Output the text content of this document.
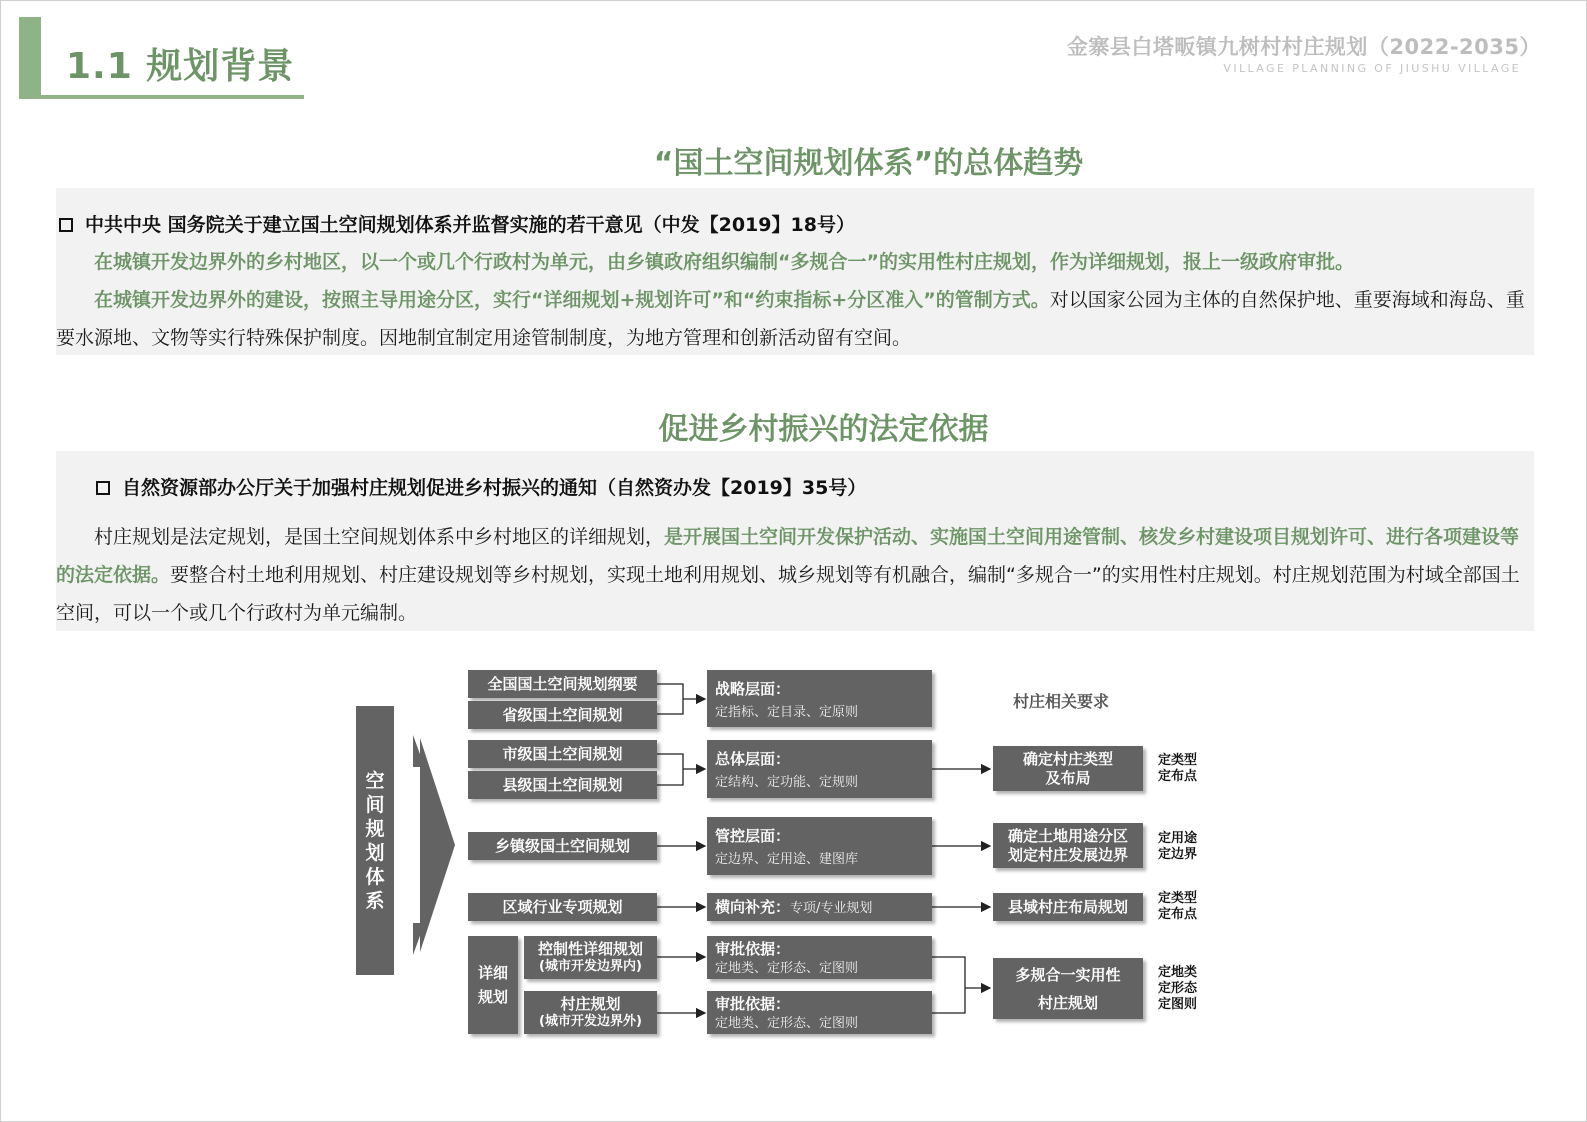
1.1 规划背景	金寨县白塔畈镇九树村村庄规划（2022-2035）
VILLAGE PLANNING OF JIUSHU VILLAGE
“国土空间规划体系”的总体趋势
中共中央 国务院关于建立国土空间规划体系并监督实施的若干意见（中发【2019】18号）
在城镇开发边界外的乡村地区，以一个或几个行政村为单元，由乡镇政府组织编制“多规合一”的实用性村庄规划，作为详细规划，报上一级政府审批。
在城镇开发边界外的建设，按照主导用途分区，实行“详细规划+规划许可”和“约束指标+分区准入”的管制方式。对以国家公园为主体的自然保护地、重要海域和海岛、重要水源地、文物等实行特殊保护制度。因地制宜制定用途管制制度，为地方管理和创新活动留有空间。
促进乡村振兴的法定依据
自然资源部办公厅关于加强村庄规划促进乡村振兴的通知（自然资办发【2019】35号）
村庄规划是法定规划，是国土空间规划体系中乡村地区的详细规划，是开展国土空间开发保护活动、实施国土空间用途管制、核发乡村建设项目规划许可、进行各项建设等的法定依据。要整合村土地利用规划、村庄建设规划等乡村规划，实现土地利用规划、城乡规划等有机融合，编制“多规合一”的实用性村庄规划。村庄规划范围为村域全部国土空间，可以一个或几个行政村为单元编制。
空
间
规
划
体
系
全国国土空间规划纲要
省级国土空间规划
市级国土空间规划
县级国土空间规划
乡镇级国土空间规划
区域行业专项规划
详细规划
控制性详细规划
(城市开发边界内)
村庄规划
(城市开发边界外)
战略层面：
定指标、定目录、定原则
总体层面：
定结构、定功能、定规则
管控层面：
定边界、定用途、建图库
横向补充：专项/专业规划
审批依据：
定地类、定形态、定图则
审批依据：
定地类、定形态、定图则
村庄相关要求
确定村庄类型
及布局
确定土地用途分区
划定村庄发展边界
县域村庄布局规划
多规合一实用性
村庄规划
定类型
定布点
定用途
定边界
定类型
定布点
定地类
定形态
定图则
